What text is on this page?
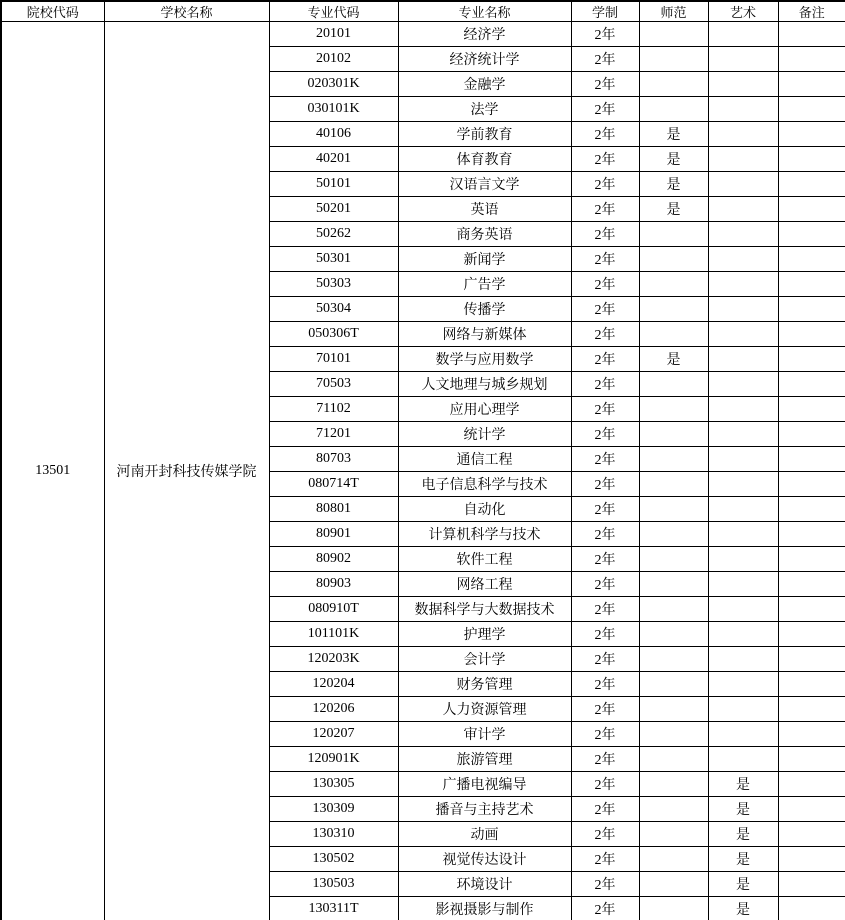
院校代码	学校名称	专业代码	专业名称	学制	师范	艺术	备注
13501	河南开封科技传媒学院	20101	经济学	2年			
		20102	经济统计学	2年			
		020301K	金融学	2年			
		030101K	法学	2年			
		40106	学前教育	2年	是		
		40201	体育教育	2年	是		
		50101	汉语言文学	2年	是		
		50201	英语	2年	是		
		50262	商务英语	2年			
		50301	新闻学	2年			
		50303	广告学	2年			
		50304	传播学	2年			
		050306T	网络与新媒体	2年			
		70101	数学与应用数学	2年	是		
		70503	人文地理与城乡规划	2年			
		71102	应用心理学	2年			
		71201	统计学	2年			
		80703	通信工程	2年			
		080714T	电子信息科学与技术	2年			
		80801	自动化	2年			
		80901	计算机科学与技术	2年			
		80902	软件工程	2年			
		80903	网络工程	2年			
		080910T	数据科学与大数据技术	2年			
		101101K	护理学	2年			
		120203K	会计学	2年			
		120204	财务管理	2年			
		120206	人力资源管理	2年			
		120207	审计学	2年			
		120901K	旅游管理	2年			
		130305	广播电视编导	2年		是	
		130309	播音与主持艺术	2年		是	
		130310	动画	2年		是	
		130502	视觉传达设计	2年		是	
		130503	环境设计	2年		是	
		130311T	影视摄影与制作	2年		是	
